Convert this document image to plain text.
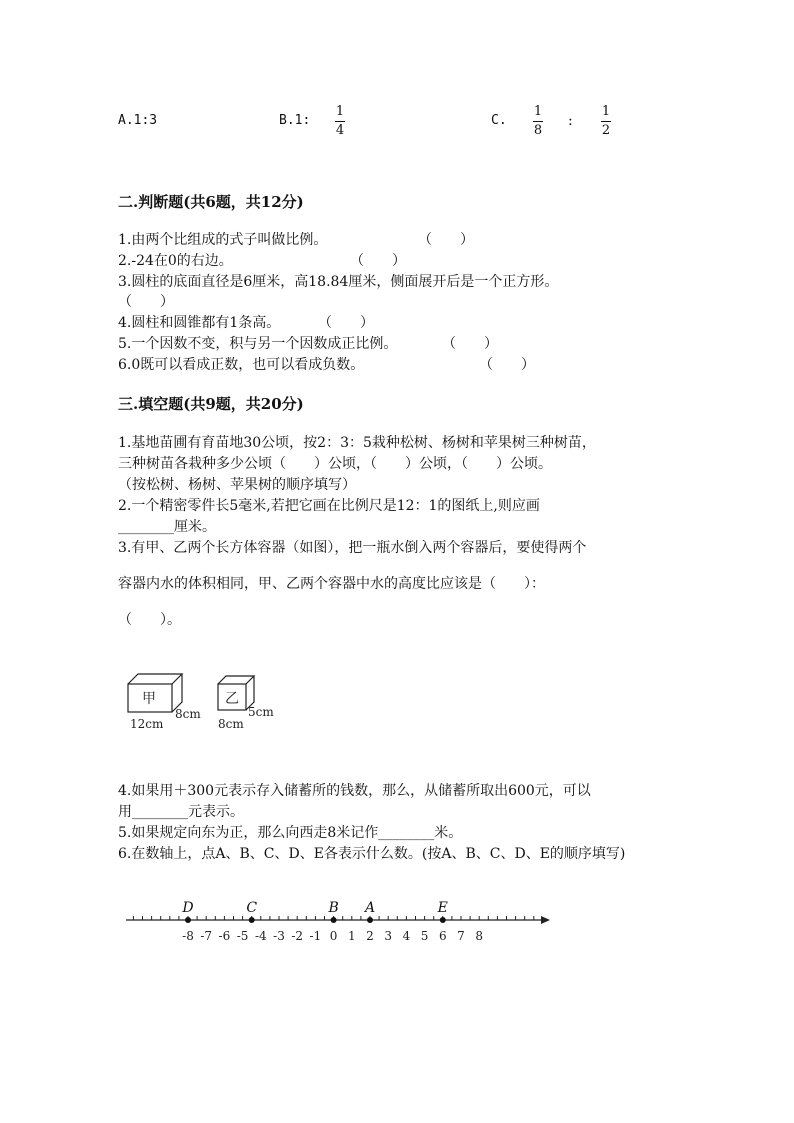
A.1:3	B.1:
1
4
C.
1
8
:
1
2
二.判断题(共6题，共12分)
1.由两个比组成的式子叫做比例。	（　　）
2.-24在0的右边。	（　　）
3.圆柱的底面直径是6厘米，高18.84厘米，侧面展开后是一个正方形。
（　　）
4.圆柱和圆锥都有1条高。	（　　）
5.一个因数不变，积与另一个因数成正比例。	（　　）
6.0既可以看成正数，也可以看成负数。	（　　）
三.填空题(共9题，共20分)
1.基地苗圃有育苗地30公顷，按2：3：5栽种松树、杨树和苹果树三种树苗，
三种树苗各栽种多少公顷（　　）公顷，（　　）公顷，（　　）公顷。
（按松树、杨树、苹果树的顺序填写）
2.一个精密零件长5毫米,若把它画在比例尺是12：1的图纸上,则应画
________厘米。
3.有甲、乙两个长方体容器（如图），把一瓶水倒入两个容器后，要使得两个
容器内水的体积相同，甲、乙两个容器中水的高度比应该是（　　）：
（　　）。
甲
8cm
12cm
乙
5cm
8cm
4.如果用＋300元表示存入储蓄所的钱数，那么，从储蓄所取出600元，可以
用________元表示。
5.如果规定向东为正，那么向西走8米记作________米。
6.在数轴上，点A、B、C、D、E各表示什么数。(按A、B、C、D、E的顺序填写)
-8 -7 -6 -5 -4 -3 -2 -1 0 1 2 3 4 5 6 7 8
D	C	B A	E
